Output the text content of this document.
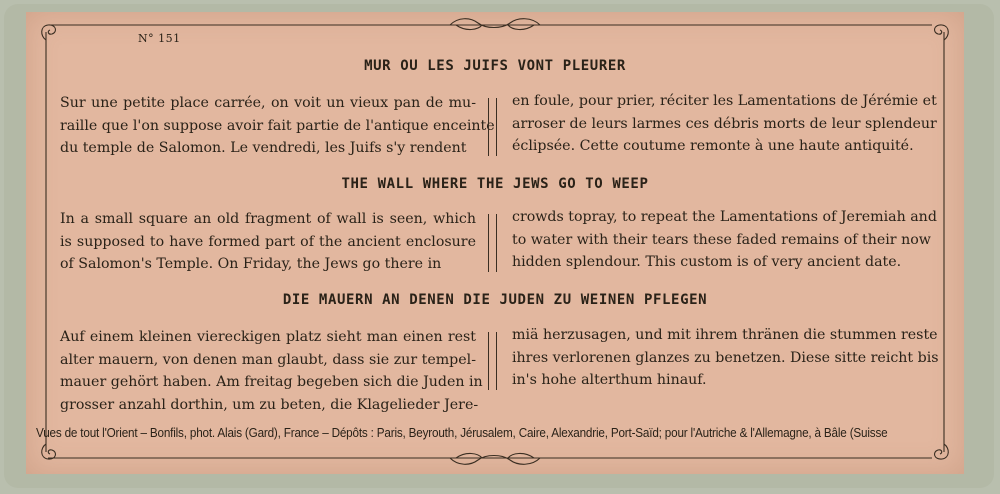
N° 151
MUR OU LES JUIFS VONT PLEURER
Sur une petite place carrée, on voit un vieux pan de mu-
raille que l'on suppose avoir fait partie de l'antique enceinte
du temple de Salomon. Le vendredi, les Juifs s'y rendent
en foule, pour prier, réciter les Lamentations de Jérémie et
arroser de leurs larmes ces débris morts de leur splendeur
éclipsée. Cette coutume remonte à une haute antiquité.
THE WALL WHERE THE JEWS GO TO WEEP
In a small square an old fragment of wall is seen, which
is supposed to have formed part of the ancient enclosure
of Salomon's Temple. On Friday, the Jews go there in
crowds topray, to repeat the Lamentations of Jeremiah and
to water with their tears these faded remains of their now
hidden splendour. This custom is of very ancient date.
DIE MAUERN AN DENEN DIE JUDEN ZU WEINEN PFLEGEN
Auf einem kleinen viereckigen platz sieht man einen rest
alter mauern, von denen man glaubt, dass sie zur tempel-
mauer gehört haben. Am freitag begeben sich die Juden in
grosser anzahl dorthin, um zu beten, die Klagelieder Jere-
miä herzusagen, und mit ihrem thränen die stummen reste
ihres verlorenen glanzes zu benetzen. Diese sitte reicht bis
in's hohe alterthum hinauf.
Vues de tout l'Orient – Bonfils, phot. Alais (Gard), France – Dépôts : Paris, Beyrouth, Jérusalem, Caire, Alexandrie, Port-Saïd; pour l'Autriche & l'Allemagne, à Bâle (Suisse
